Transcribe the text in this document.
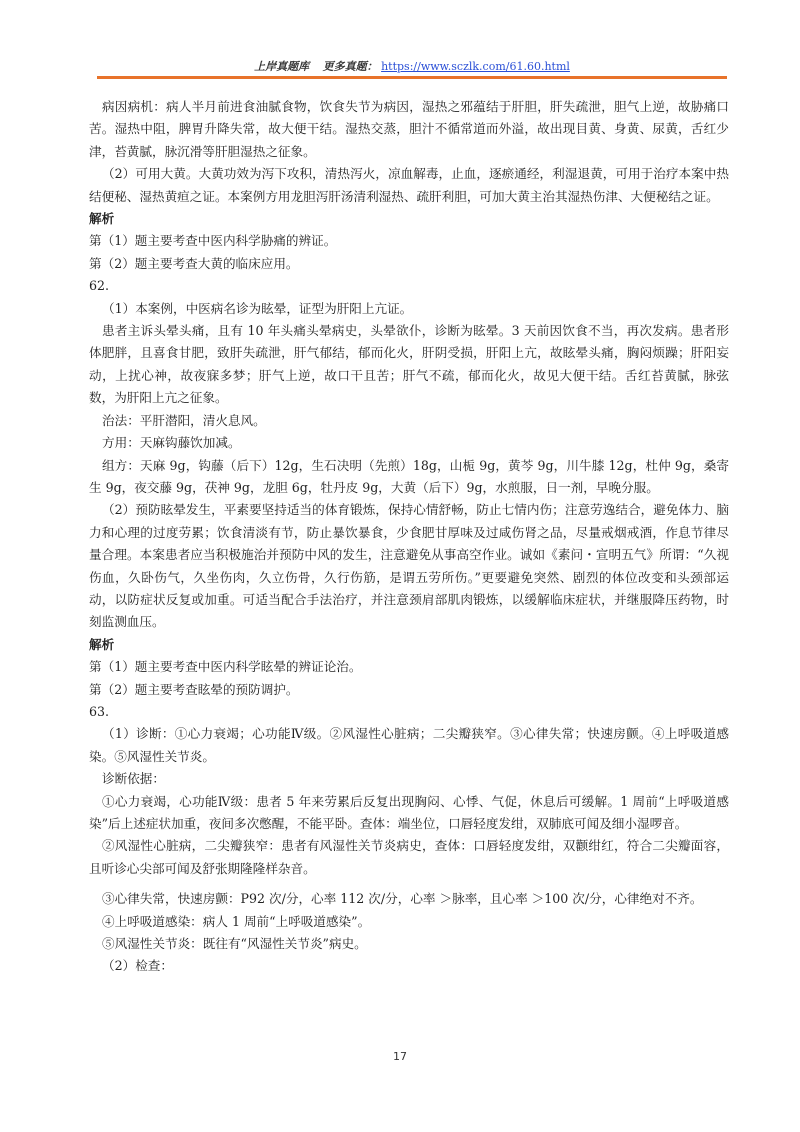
上岸真题库 更多真题： https://www.sczlk.com/61.60.html

病因病机：病人半月前进食油腻食物，饮食失节为病因，湿热之邪蕴结于肝胆，肝失疏泄，胆气上逆，故胁痛口苦。湿热中阻，脾胃升降失常，故大便干结。湿热交蒸，胆汁不循常道而外溢，故出现目黄、身黄、尿黄，舌红少津，苔黄腻，脉沉滑等肝胆湿热之征象。

（2）可用大黄。大黄功效为泻下攻积，清热泻火，凉血解毒，止血，逐瘀通经，利湿退黄，可用于治疗本案中热结便秘、湿热黄疸之证。本案例方用龙胆泻肝汤清利湿热、疏肝利胆，可加大黄主治其湿热伤津、大便秘结之证。

解析

第（1）题主要考查中医内科学胁痛的辨证。

第（2）题主要考查大黄的临床应用。

62.

（1）本案例，中医病名诊为眩晕，证型为肝阳上亢证。

患者主诉头晕头痛，且有 10 年头痛头晕病史，头晕欲仆，诊断为眩晕。3 天前因饮食不当，再次发病。患者形体肥胖，且喜食甘肥，致肝失疏泄，肝气郁结，郁而化火，肝阴受损，肝阳上亢，故眩晕头痛，胸闷烦躁；肝阳妄动，上扰心神，故夜寐多梦；肝气上逆，故口干且苦；肝气不疏，郁而化火，故见大便干结。舌红苔黄腻，脉弦数，为肝阳上亢之征象。

治法：平肝潜阳，清火息风。

方用：天麻钩藤饮加减。

组方：天麻 9g，钩藤（后下）12g，生石决明（先煎）18g，山栀 9g，黄芩 9g，川牛膝 12g，杜仲 9g，桑寄生 9g，夜交藤 9g，茯神 9g，龙胆 6g，牡丹皮 9g，大黄（后下）9g，水煎服，日一剂，早晚分服。

（2）预防眩晕发生，平素要坚持适当的体育锻炼，保持心情舒畅，防止七情内伤；注意劳逸结合，避免体力、脑力和心理的过度劳累；饮食清淡有节，防止暴饮暴食，少食肥甘厚味及过咸伤肾之品，尽量戒烟戒酒，作息节律尽量合理。本案患者应当积极施治并预防中风的发生，注意避免从事高空作业。诚如《素问・宣明五气》所谓：“久视伤血，久卧伤气，久坐伤肉，久立伤骨，久行伤筋，是谓五劳所伤。”更要避免突然、剧烈的体位改变和头颈部运动，以防症状反复或加重。可适当配合手法治疗，并注意颈肩部肌肉锻炼，以缓解临床症状，并继服降压药物，时刻监测血压。

解析

第（1）题主要考查中医内科学眩晕的辨证论治。

第（2）题主要考查眩晕的预防调护。

63.

（1）诊断：①心力衰竭；心功能Ⅳ级。②风湿性心脏病；二尖瓣狭窄。③心律失常；快速房颤。④上呼吸道感染。⑤风湿性关节炎。

诊断依据：

①心力衰竭，心功能Ⅳ级：患者 5 年来劳累后反复出现胸闷、心悸、气促，休息后可缓解。1 周前“上呼吸道感染”后上述症状加重，夜间多次憋醒，不能平卧。查体：端坐位，口唇轻度发绀，双肺底可闻及细小湿啰音。

②风湿性心脏病，二尖瓣狭窄：患者有风湿性关节炎病史，查体：口唇轻度发绀，双颧绀红，符合二尖瓣面容，且听诊心尖部可闻及舒张期隆隆样杂音。

③心律失常，快速房颤：P92 次/分，心率 112 次/分，心率 ＞脉率，且心率 ＞100 次/分，心律绝对不齐。

④上呼吸道感染：病人 1 周前“上呼吸道感染”。

⑤风湿性关节炎：既往有“风湿性关节炎”病史。

（2）检查：

17
